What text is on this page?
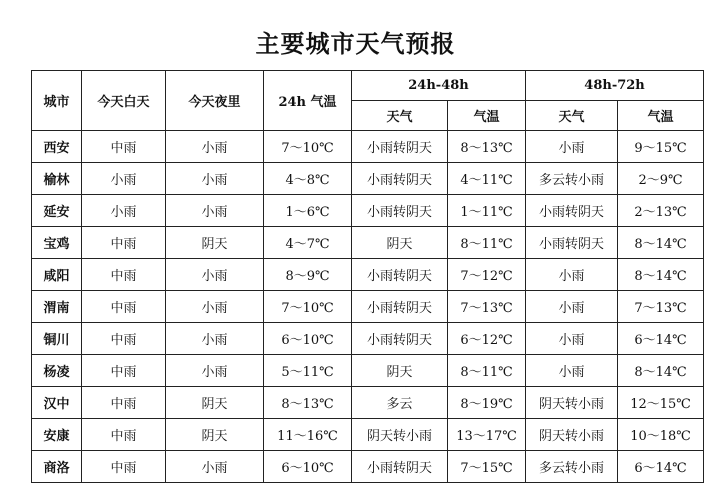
主要城市天气预报
城市	今天白天	今天夜里	24h 气温	24h-48h		48h-72h	
				天气	气温	天气	气温
西安	中雨	小雨	7～10℃	小雨转阴天	8～13℃	小雨	9～15℃
榆林	小雨	小雨	4～8℃	小雨转阴天	4～11℃	多云转小雨	2～9℃
延安	小雨	小雨	1～6℃	小雨转阴天	1～11℃	小雨转阴天	2～13℃
宝鸡	中雨	阴天	4～7℃	阴天	8～11℃	小雨转阴天	8～14℃
咸阳	中雨	小雨	8～9℃	小雨转阴天	7～12℃	小雨	8～14℃
渭南	中雨	小雨	7～10℃	小雨转阴天	7～13℃	小雨	7～13℃
铜川	中雨	小雨	6～10℃	小雨转阴天	6～12℃	小雨	6～14℃
杨凌	中雨	小雨	5～11℃	阴天	8～11℃	小雨	8～14℃
汉中	中雨	阴天	8～13℃	多云	8～19℃	阴天转小雨	12～15℃
安康	中雨	阴天	11～16℃	阴天转小雨	13～17℃	阴天转小雨	10～18℃
商洛	中雨	小雨	6～10℃	小雨转阴天	7～15℃	多云转小雨	6～14℃
